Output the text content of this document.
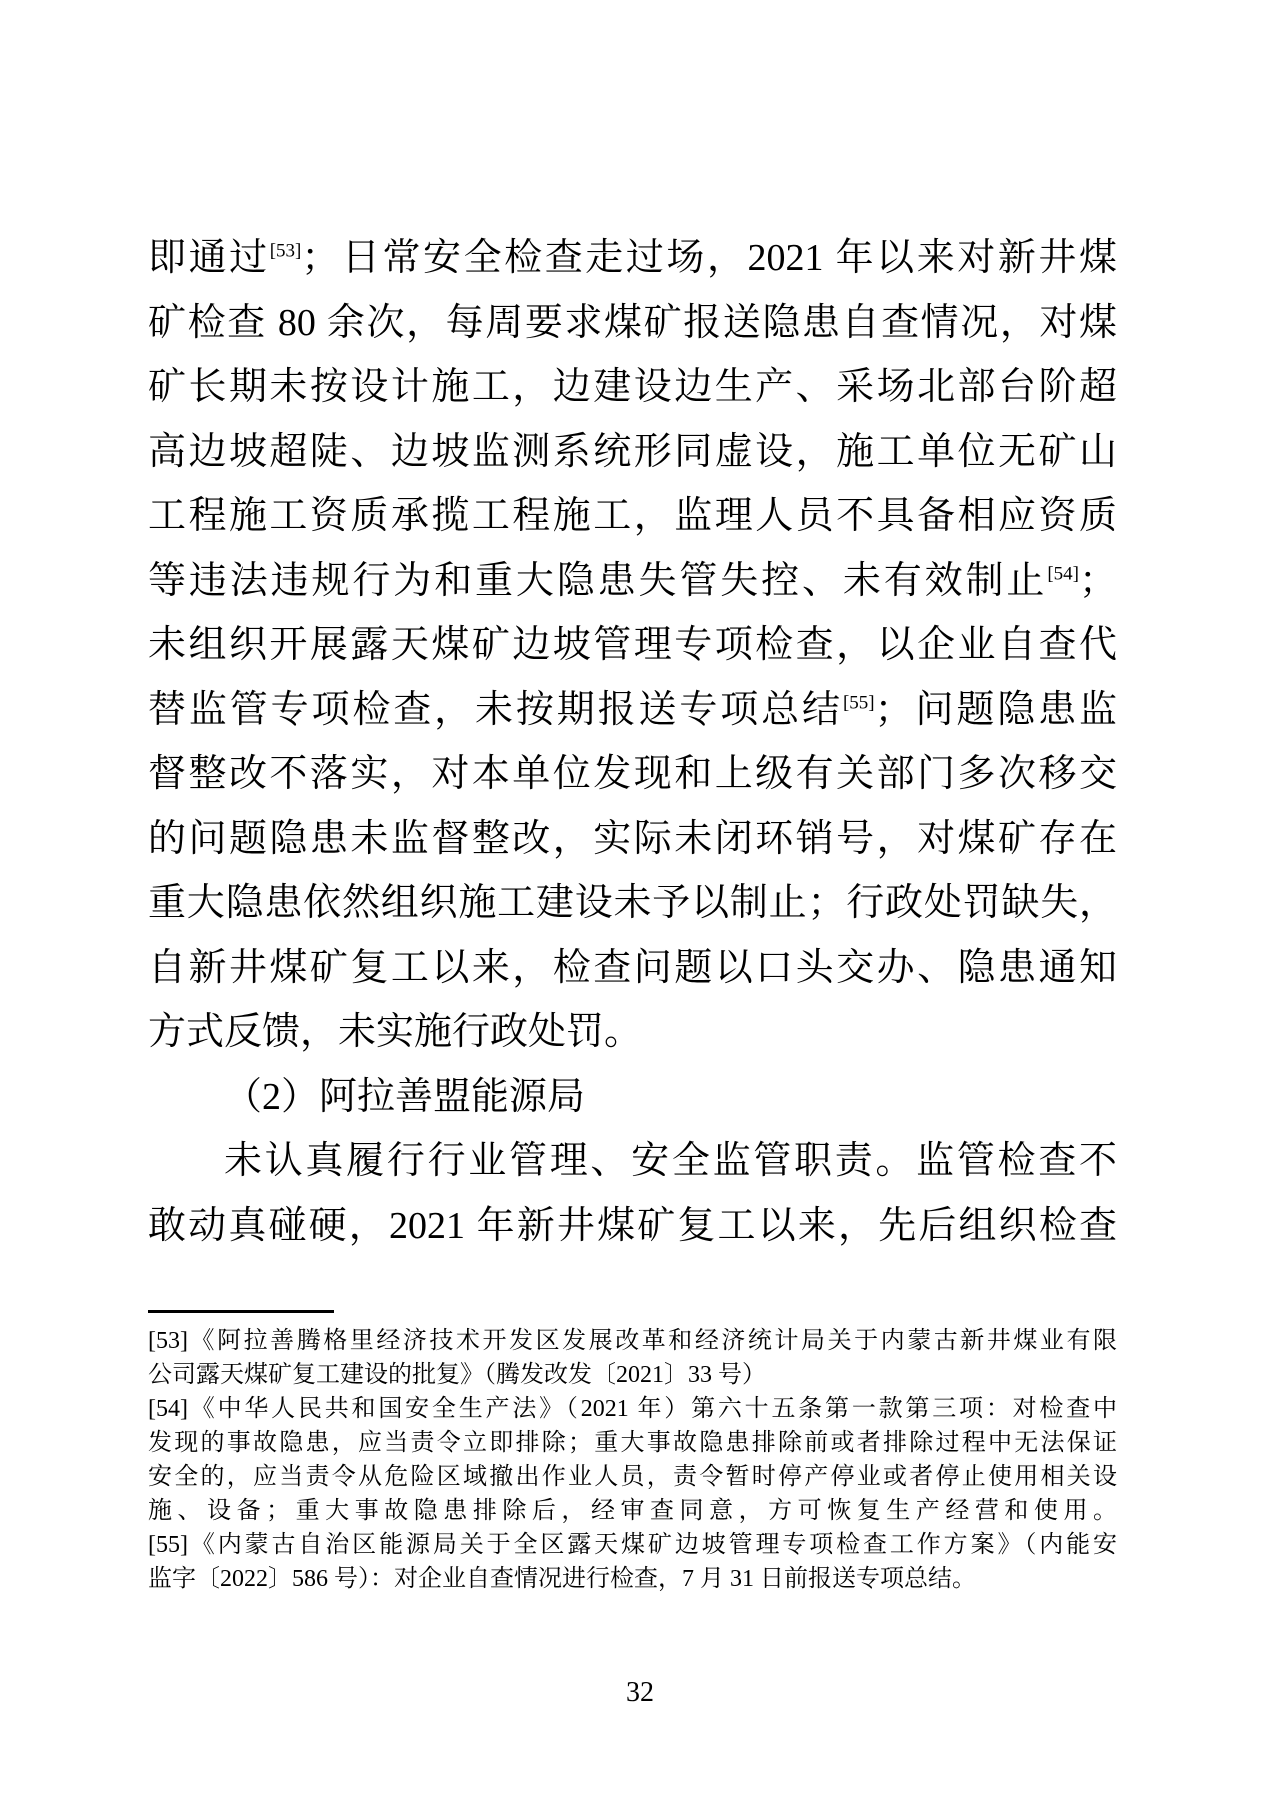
即通过[53]；日常安全检查走过场，2021 年以来对新井煤
矿检查 80 余次，每周要求煤矿报送隐患自查情况，对煤
矿长期未按设计施工，边建设边生产、采场北部台阶超
高边坡超陡、边坡监测系统形同虚设，施工单位无矿山
工程施工资质承揽工程施工，监理人员不具备相应资质
等违法违规行为和重大隐患失管失控、未有效制止[54]；
未组织开展露天煤矿边坡管理专项检查，以企业自查代
替监管专项检查，未按期报送专项总结[55]；问题隐患监
督整改不落实，对本单位发现和上级有关部门多次移交
的问题隐患未监督整改，实际未闭环销号，对煤矿存在
重大隐患依然组织施工建设未予以制止；行政处罚缺失，
自新井煤矿复工以来，检查问题以口头交办、隐患通知
方式反馈，未实施行政处罚。
（2）阿拉善盟能源局
未认真履行行业管理、安全监管职责。监管检查不
敢动真碰硬，2021 年新井煤矿复工以来，先后组织检查
[53]《阿拉善腾格里经济技术开发区发展改革和经济统计局关于内蒙古新井煤业有限
公司露天煤矿复工建设的批复》（腾发改发〔2021〕33 号）
[54]《中华人民共和国安全生产法》（2021 年）第六十五条第一款第三项：对检查中
发现的事故隐患，应当责令立即排除；重大事故隐患排除前或者排除过程中无法保证
安全的，应当责令从危险区域撤出作业人员，责令暂时停产停业或者停止使用相关设
施、设备；重大事故隐患排除后，经审查同意，方可恢复生产经营和使用。
[55]《内蒙古自治区能源局关于全区露天煤矿边坡管理专项检查工作方案》（内能安
监字〔2022〕586 号）：对企业自查情况进行检查，7 月 31 日前报送专项总结。
32
